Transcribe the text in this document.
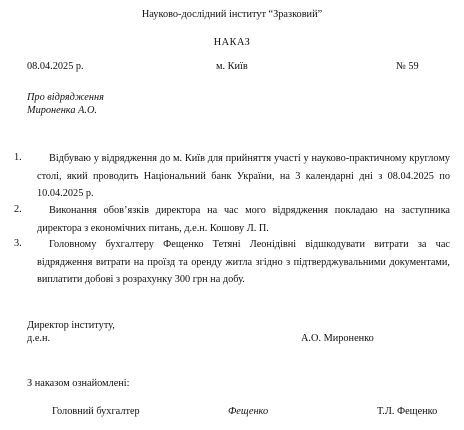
Науково-дослідний інститут “Зразковий”
НАКАЗ
08.04.2025 р.	м. Київ	№ 59
Про відрядження
Мироненка А.О.
1.	Відбуваю у відрядження до м. Київ для прийняття участі у науково-практичному круглому столі, який проводить Національний банк України, на 3 календарні дні з 08.04.2025 по 10.04.2025 р.
2.	Виконання обов’язків директора на час мого відрядження покладаю на заступника директора з економічних питань, д.е.н. Кошову Л. П.
3.	Головному бухгалтеру Фещенко Тетяні Леонідівні відшкодувати витрати за час відрядження витрати на проїзд та оренду житла згідно з підтверджувальними документами, виплатити добові з розрахунку 300 грн на добу.
Директор інституту,
д.е.н.	А.О. Мироненко
З наказом ознайомлені:
Головний бухгалтер	Фещенко	Т.Л. Фещенко
